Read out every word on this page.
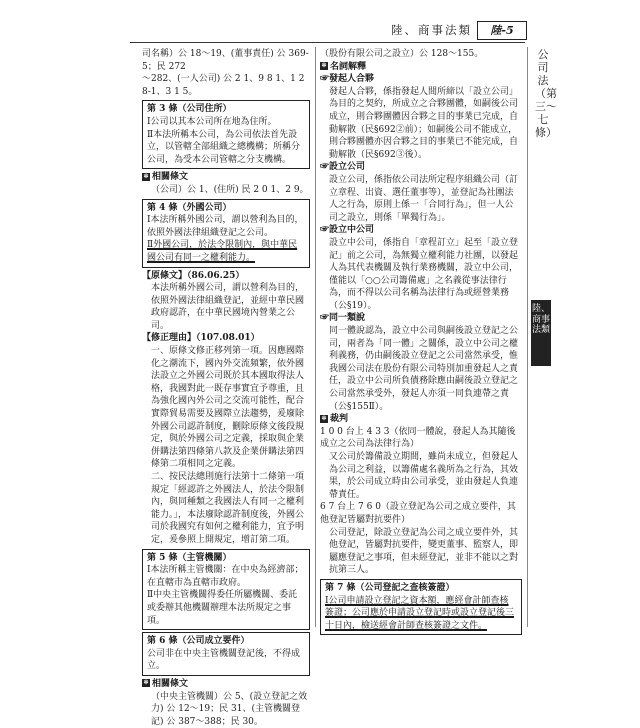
陸、商事法類	陸-5
公司法（第三〜七條）
陸、商事法類

司名稱）公 18～19、(董事責任) 公 369-5；民 272

～282、(一人公司) 公 2 1、9 8 1、1 2 8-1、3 1 5。

第 3 條（公司住所）

Ⅰ公司以其本公司所在地為住所。

Ⅱ本法所稱本公司，為公司依法首先設立，以管轄全部組織之總機構；所稱分公司，為受本公司管轄之分支機構。

✲ 相關條文

（公司）公 1、(住所) 民 2 0 1、2 9。

第 4 條（外國公司）

Ⅰ本法所稱外國公司，謂以營利為目的，依照外國法律組織登記之公司。

Ⅱ外國公司，於法令限制內，與中華民國公司有同一之權利能力。

【原條文】（86.06.25）

本法所稱外國公司，謂以營利為目的，依照外國法律組織登記，並經中華民國政府認許，在中華民國境內營業之公司。

【修正理由】（107.08.01）

一、原條文修正移列第一項。因應國際化之潮流下，國內外交流頻繁，依外國法設立之外國公司既於其本國取得法人格，我國對此一既存事實宜予尊重，且為強化國內外公司之交流可能性，配合實際貿易需要及國際立法趨勢，爰廢除外國公司認許制度，刪除原條文後段規定，與於外國公司之定義，採取與企業併購法第四條第八款及企業併購法第四條第二項相同之定義。

二、按民法總則施行法第十二條第一項規定「經認許之外國法人，於法令限制內，與同種類之我國法人有同一之權利能力。」，本法廢除認許制度後，外國公司於我國究有如何之權利能力，宜予明定，爰參照上開規定，增訂第二項。

第 5 條（主管機關）

Ⅰ本法所稱主管機關：在中央為經濟部；在直轄市為直轄市政府。

Ⅱ中央主管機關得委任所屬機關、委託或委辦其他機關辦理本法所規定之事項。

第 6 條（公司成立要件）

公司非在中央主管機關登記後，不得成立。

✲ 相關條文

（中央主管機關）公 5、(設立登記之效力) 公 12～19；民 31、(主管機關登記) 公 387～388；民 30。

（股份有限公司之設立）公 128～155。

✲ 名詞解釋

☞發起人合夥

發起人合夥，係指發起人間所締以「設立公司」為目的之契約，所成立之合夥團體，如嗣後公司成立，則合夥團體因合夥之目的事業已完成，自動解散（民§692②前）；如嗣後公司不能成立，則合夥團體亦因合夥之目的事業已不能完成，自動解散（民§692③後）。

☞設立公司

設立公司，係指依公司法所定程序組織公司（訂立章程、出資、選任董事等），並登記為社團法人之行為，原則上係一「合同行為」，但一人公司之設立，則係「單獨行為」。

☞設立中公司

設立中公司，係指自「章程訂立」起至「設立登記」前之公司，為無獨立權利能力社團，以發起人為其代表機關及執行業務機關，設立中公司，僅能以「○○公司籌備處」之名義從事法律行為，而不得以公司名稱為法律行為或經營業務（公§19）。

☞同一類說

同一體說認為，設立中公司與嗣後設立登記之公司，兩者為「同一體」之關係，設立中公司之權利義務，仍由嗣後設立登記之公司當然承受，惟我國公司法在股份有限公司特別加重發起人之責任，設立中公司所負債務除應由嗣後設立登記之公司當然承受外，發起人亦須一同負連帶之責（公§155Ⅱ）。

✲ 裁判

1 0 0 台上 4 3 3（依同一體說，發起人為其隨後成立之公司為法律行為）

又公司於籌備設立期間，雖尚未成立，但發起人為公司之利益，以籌備處名義所為之行為，其效果，於公司成立時由公司承受，並由發起人負連帶責任。

6 7 台上 7 6 0（設立登記為公司之成立要件，其他登記皆屬對抗要件）

公司登記，除設立登記為公司之成立要件外，其他登記，皆屬對抗要件，變更董事、監察人，即屬應登記之事項，但未經登記，並非不能以之對抗第三人。

第 7 條（公司登記之查核簽證）

Ⅰ公司申請設立登記之資本額，應經會計師查核簽證；公司應於申請設立登記時或設立登記後三十日內，檢送經會計師查核簽證之文件。
